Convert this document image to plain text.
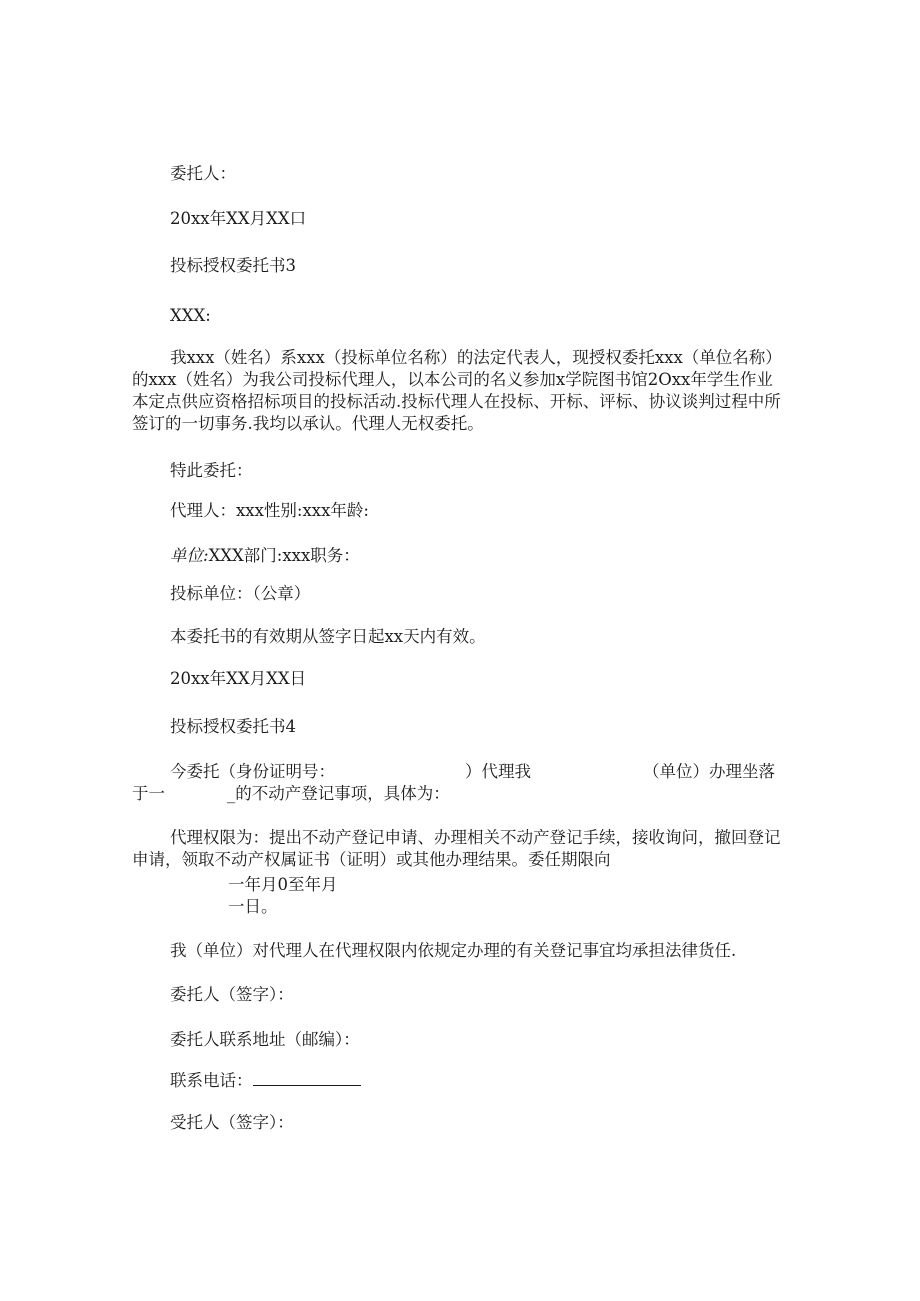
委托人：
20xx年XX月XX口
投标授权委托书3
XXX:
我xxx（姓名）系xxx（投标单位名称）的法定代表人，现授权委托xxx（单位名称）的xxx（姓名）为我公司投标代理人，以本公司的名义参加x学院图书馆2Oxx年学生作业本定点供应资格招标项目的投标活动.投标代理人在投标、开标、评标、协议谈判过程中所签订的一切事务.我均以承认。代理人无权委托。
特此委托：
代理人：xxx性别:xxx年龄:
单位:XXX部门:xxx职务：
投标单位：（公章）
本委托书的有效期从签字日起xx天内有效。
20xx年XX月XX日
投标授权委托书4
今委托（身份证明号：	）代理我	（单位）办理坐落于一	_的不动产登记事项，具体为：
代理权限为：提出不动产登记申请、办理相关不动产登记手续，接收询问，撤回登记申请，领取不动产权属证书（证明）或其他办理结果。委任期限向
一年月0至年月
一日。
我（单位）对代理人在代理权限内依规定办理的有关登记事宜均承担法律货任.
委托人（签字）：
委托人联系地址（邮编）：
联系电话：
受托人（签字）：
